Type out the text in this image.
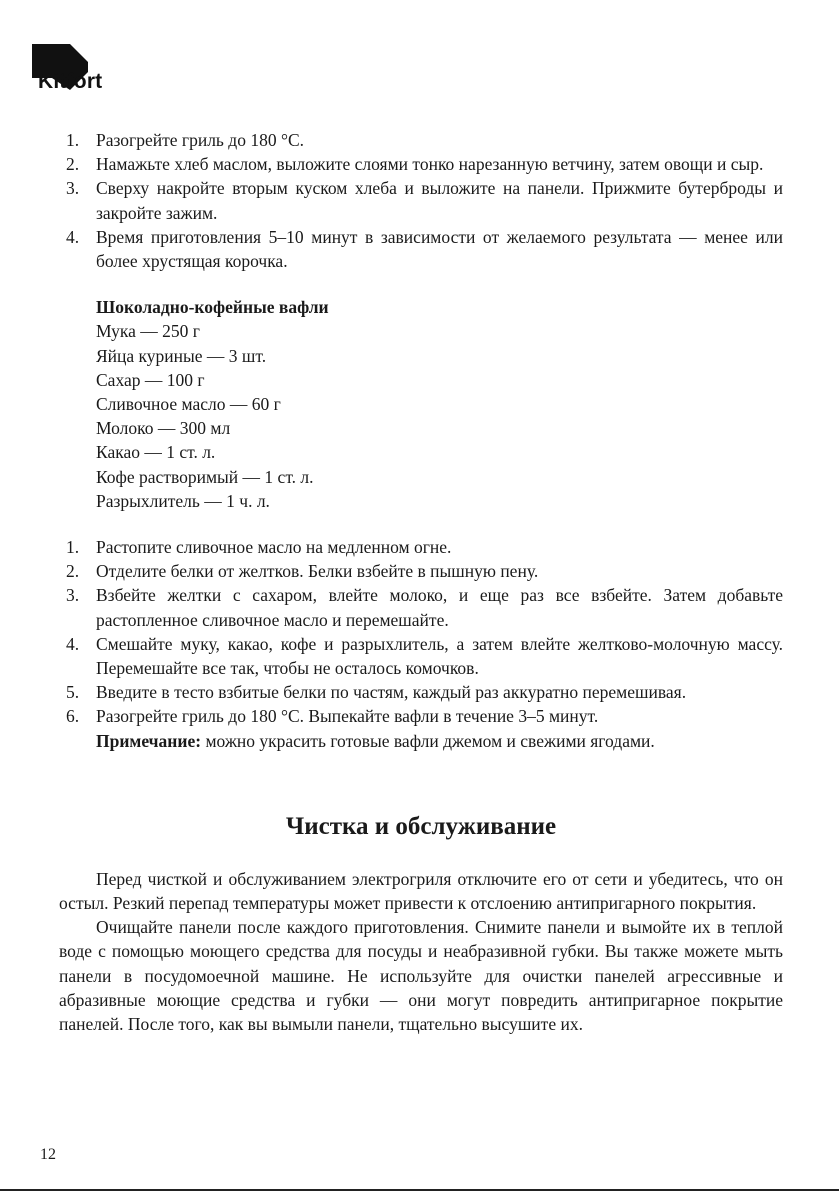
Kitfort
1. Разогрейте гриль до 180 °C.
2. Намажьте хлеб маслом, выложите слоями тонко нарезанную ветчину, затем овощи и сыр.
3. Сверху накройте вторым куском хлеба и выложите на панели. Прижмите бутерброды и закройте зажим.
4. Время приготовления 5–10 минут в зависимости от желаемого результата — менее или более хрустящая корочка.
Шоколадно-кофейные вафли
Мука — 250 г
Яйца куриные — 3 шт.
Сахар — 100 г
Сливочное масло — 60 г
Молоко — 300 мл
Какао — 1 ст. л.
Кофе растворимый — 1 ст. л.
Разрыхлитель — 1 ч. л.
1. Растопите сливочное масло на медленном огне.
2. Отделите белки от желтков. Белки взбейте в пышную пену.
3. Взбейте желтки с сахаром, влейте молоко, и еще раз все взбейте. Затем добавьте растопленное сливочное масло и перемешайте.
4. Смешайте муку, какао, кофе и разрыхлитель, а затем влейте желтково-молочную массу. Перемешайте все так, чтобы не осталось комочков.
5. Введите в тесто взбитые белки по частям, каждый раз аккуратно перемешивая.
6. Разогрейте гриль до 180 °C. Выпекайте вафли в течение 3–5 минут.
Примечание: можно украсить готовые вафли джемом и свежими ягодами.
Чистка и обслуживание

Перед чисткой и обслуживанием электрогриля отключите его от сети и убедитесь, что он остыл. Резкий перепад температуры может привести к отслоению антипригарного покрытия.

Очищайте панели после каждого приготовления. Снимите панели и вымойте их в теплой воде с помощью моющего средства для посуды и неабразивной губки. Вы также можете мыть панели в посудомоечной машине. Не используйте для очистки панелей агрессивные и абразивные моющие средства и губки — они могут повредить антипригарное покрытие панелей. После того, как вы вымыли панели, тщательно высушите их.

12
